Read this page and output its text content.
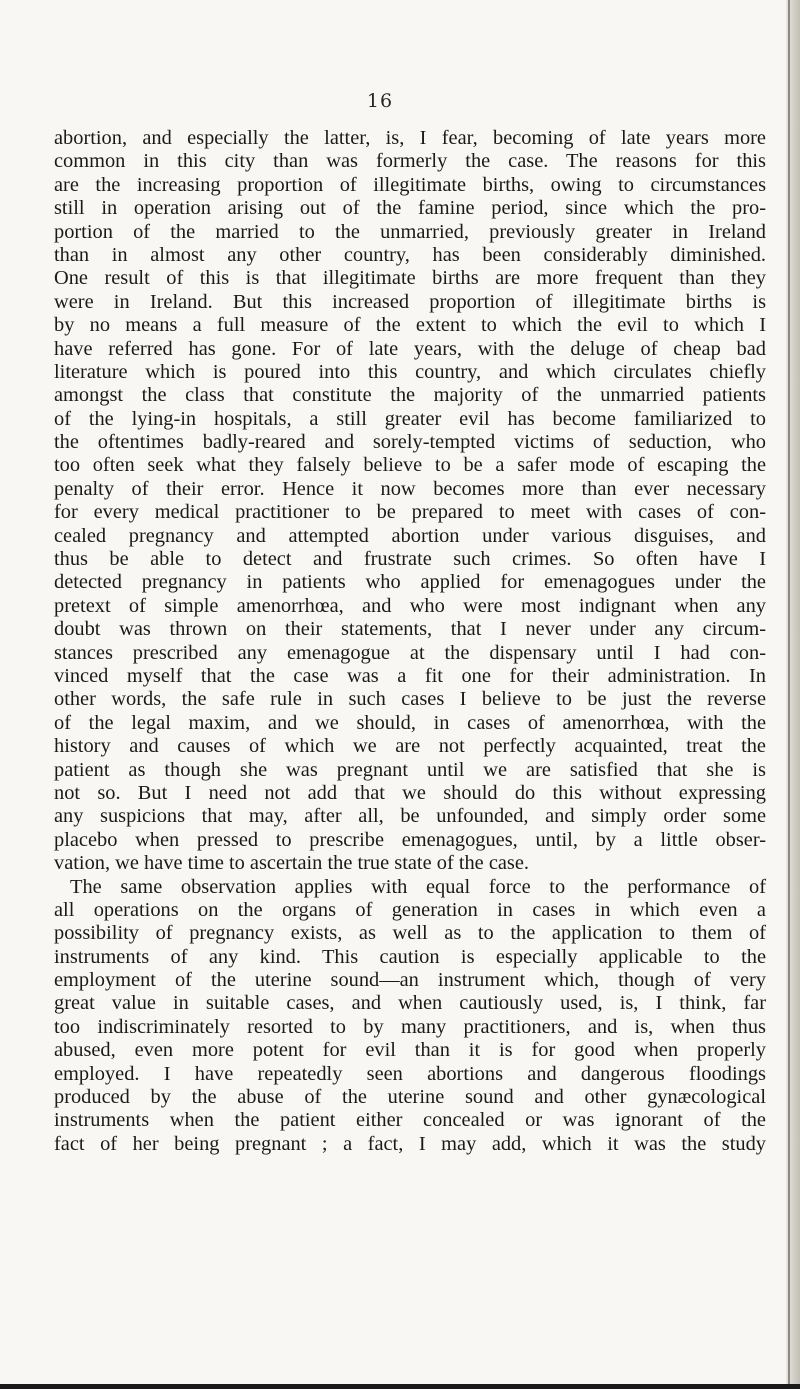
16
abortion, and especially the latter, is, I fear, becoming of late years more
common in this city than was formerly the case. The reasons for this
are the increasing proportion of illegitimate births, owing to circumstances
still in operation arising out of the famine period, since which the pro-
portion of the married to the unmarried, previously greater in Ireland
than in almost any other country, has been considerably diminished.
One result of this is that illegitimate births are more frequent than they
were in Ireland. But this increased proportion of illegitimate births is
by no means a full measure of the extent to which the evil to which I
have referred has gone. For of late years, with the deluge of cheap bad
literature which is poured into this country, and which circulates chiefly
amongst the class that constitute the majority of the unmarried patients
of the lying-in hospitals, a still greater evil has become familiarized to
the oftentimes badly-reared and sorely-tempted victims of seduction, who
too often seek what they falsely believe to be a safer mode of escaping the
penalty of their error. Hence it now becomes more than ever necessary
for every medical practitioner to be prepared to meet with cases of con-
cealed pregnancy and attempted abortion under various disguises, and
thus be able to detect and frustrate such crimes. So often have I
detected pregnancy in patients who applied for emenagogues under the
pretext of simple amenorrhœa, and who were most indignant when any
doubt was thrown on their statements, that I never under any circum-
stances prescribed any emenagogue at the dispensary until I had con-
vinced myself that the case was a fit one for their administration. In
other words, the safe rule in such cases I believe to be just the reverse
of the legal maxim, and we should, in cases of amenorrhœa, with the
history and causes of which we are not perfectly acquainted, treat the
patient as though she was pregnant until we are satisfied that she is
not so. But I need not add that we should do this without expressing
any suspicions that may, after all, be unfounded, and simply order some
placebo when pressed to prescribe emenagogues, until, by a little obser-
vation, we have time to ascertain the true state of the case.
The same observation applies with equal force to the performance of
all operations on the organs of generation in cases in which even a
possibility of pregnancy exists, as well as to the application to them of
instruments of any kind. This caution is especially applicable to the
employment of the uterine sound—an instrument which, though of very
great value in suitable cases, and when cautiously used, is, I think, far
too indiscriminately resorted to by many practitioners, and is, when thus
abused, even more potent for evil than it is for good when properly
employed. I have repeatedly seen abortions and dangerous floodings
produced by the abuse of the uterine sound and other gynæcological
instruments when the patient either concealed or was ignorant of the
fact of her being pregnant ; a fact, I may add, which it was the study
